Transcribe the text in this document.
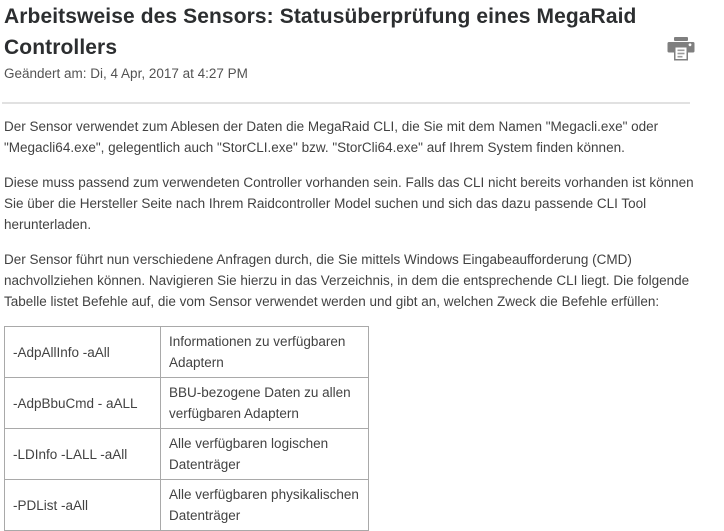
Arbeitsweise des Sensors: Statusüberprüfung eines MegaRaid Controllers
Geändert am: Di, 4 Apr, 2017 at 4:27 PM

Der Sensor verwendet zum Ablesen der Daten die MegaRaid CLI, die Sie mit dem Namen "Megacli.exe" oder "Megacli64.exe", gelegentlich auch "StorCLI.exe" bzw. "StorCli64.exe" auf Ihrem System finden können.

Diese muss passend zum verwendeten Controller vorhanden sein. Falls das CLI nicht bereits vorhanden ist können Sie über die Hersteller Seite nach Ihrem Raidcontroller Model suchen und sich das dazu passende CLI Tool herunterladen.

Der Sensor führt nun verschiedene Anfragen durch, die Sie mittels Windows Eingabeaufforderung (CMD) nachvollziehen können. Navigieren Sie hierzu in das Verzeichnis, in dem die entsprechende CLI liegt. Die folgende Tabelle listet Befehle auf, die vom Sensor verwendet werden und gibt an, welchen Zweck die Befehle erfüllen:

-AdpAllInfo -aAll	Informationen zu verfügbaren Adaptern
-AdpBbuCmd - aALL	BBU-bezogene Daten zu allen verfügbaren Adaptern
-LDInfo -LALL -aAll	Alle verfügbaren logischen Datenträger
-PDList -aAll	Alle verfügbaren physikalischen Datenträger
